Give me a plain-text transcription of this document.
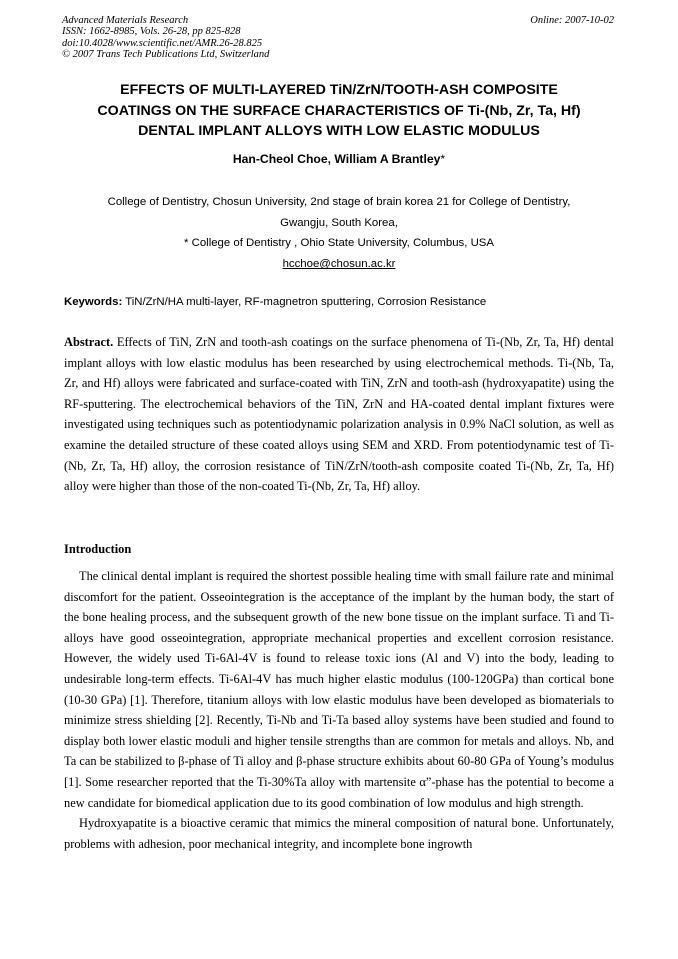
Advanced Materials Research
ISSN: 1662-8985, Vols. 26-28, pp 825-828
doi:10.4028/www.scientific.net/AMR.26-28.825
© 2007 Trans Tech Publications Ltd, Switzerland
Online: 2007-10-02
EFFECTS OF MULTI-LAYERED TiN/ZrN/TOOTH-ASH COMPOSITE
COATINGS ON THE SURFACE CHARACTERISTICS OF Ti-(Nb, Zr, Ta, Hf)
DENTAL IMPLANT ALLOYS WITH LOW ELASTIC MODULUS
Han-Cheol Choe, William A Brantley*
College of Dentistry, Chosun University, 2nd stage of brain korea 21 for College of Dentistry,
Gwangju, South Korea,
* College of Dentistry , Ohio State University, Columbus, USA
hcchoe@chosun.ac.kr
Keywords: TiN/ZrN/HA multi-layer, RF-magnetron sputtering, Corrosion Resistance
Abstract. Effects of TiN, ZrN and tooth-ash coatings on the surface phenomena of Ti-(Nb, Zr, Ta, Hf) dental implant alloys with low elastic modulus has been researched by using electrochemical methods. Ti-(Nb, Ta, Zr, and Hf) alloys were fabricated and surface-coated with TiN, ZrN and tooth-ash (hydroxyapatite) using the RF-sputtering. The electrochemical behaviors of the TiN, ZrN and HA-coated dental implant fixtures were investigated using techniques such as potentiodynamic polarization analysis in 0.9% NaCl solution, as well as examine the detailed structure of these coated alloys using SEM and XRD. From potentiodynamic test of Ti-(Nb, Zr, Ta, Hf) alloy, the corrosion resistance of TiN/ZrN/tooth-ash composite coated Ti-(Nb, Zr, Ta, Hf) alloy were higher than those of the non-coated Ti-(Nb, Zr, Ta, Hf) alloy.
Introduction

The clinical dental implant is required the shortest possible healing time with small failure rate and minimal discomfort for the patient. Osseointegration is the acceptance of the implant by the human body, the start of the bone healing process, and the subsequent growth of the new bone tissue on the implant surface. Ti and Ti-alloys have good osseointegration, appropriate mechanical properties and excellent corrosion resistance. However, the widely used Ti-6Al-4V is found to release toxic ions (Al and V) into the body, leading to undesirable long-term effects. Ti-6Al-4V has much higher elastic modulus (100-120GPa) than cortical bone (10-30 GPa) [1]. Therefore, titanium alloys with low elastic modulus have been developed as biomaterials to minimize stress shielding [2]. Recently, Ti-Nb and Ti-Ta based alloy systems have been studied and found to display both lower elastic moduli and higher tensile strengths than are common for metals and alloys. Nb, and Ta can be stabilized to β-phase of Ti alloy and β-phase structure exhibits about 60-80 GPa of Young’s modulus [1]. Some researcher reported that the Ti-30%Ta alloy with martensite α”-phase has the potential to become a new candidate for biomedical application due to its good combination of low modulus and high strength.

Hydroxyapatite is a bioactive ceramic that mimics the mineral composition of natural bone. Unfortunately, problems with adhesion, poor mechanical integrity, and incomplete bone ingrowth
